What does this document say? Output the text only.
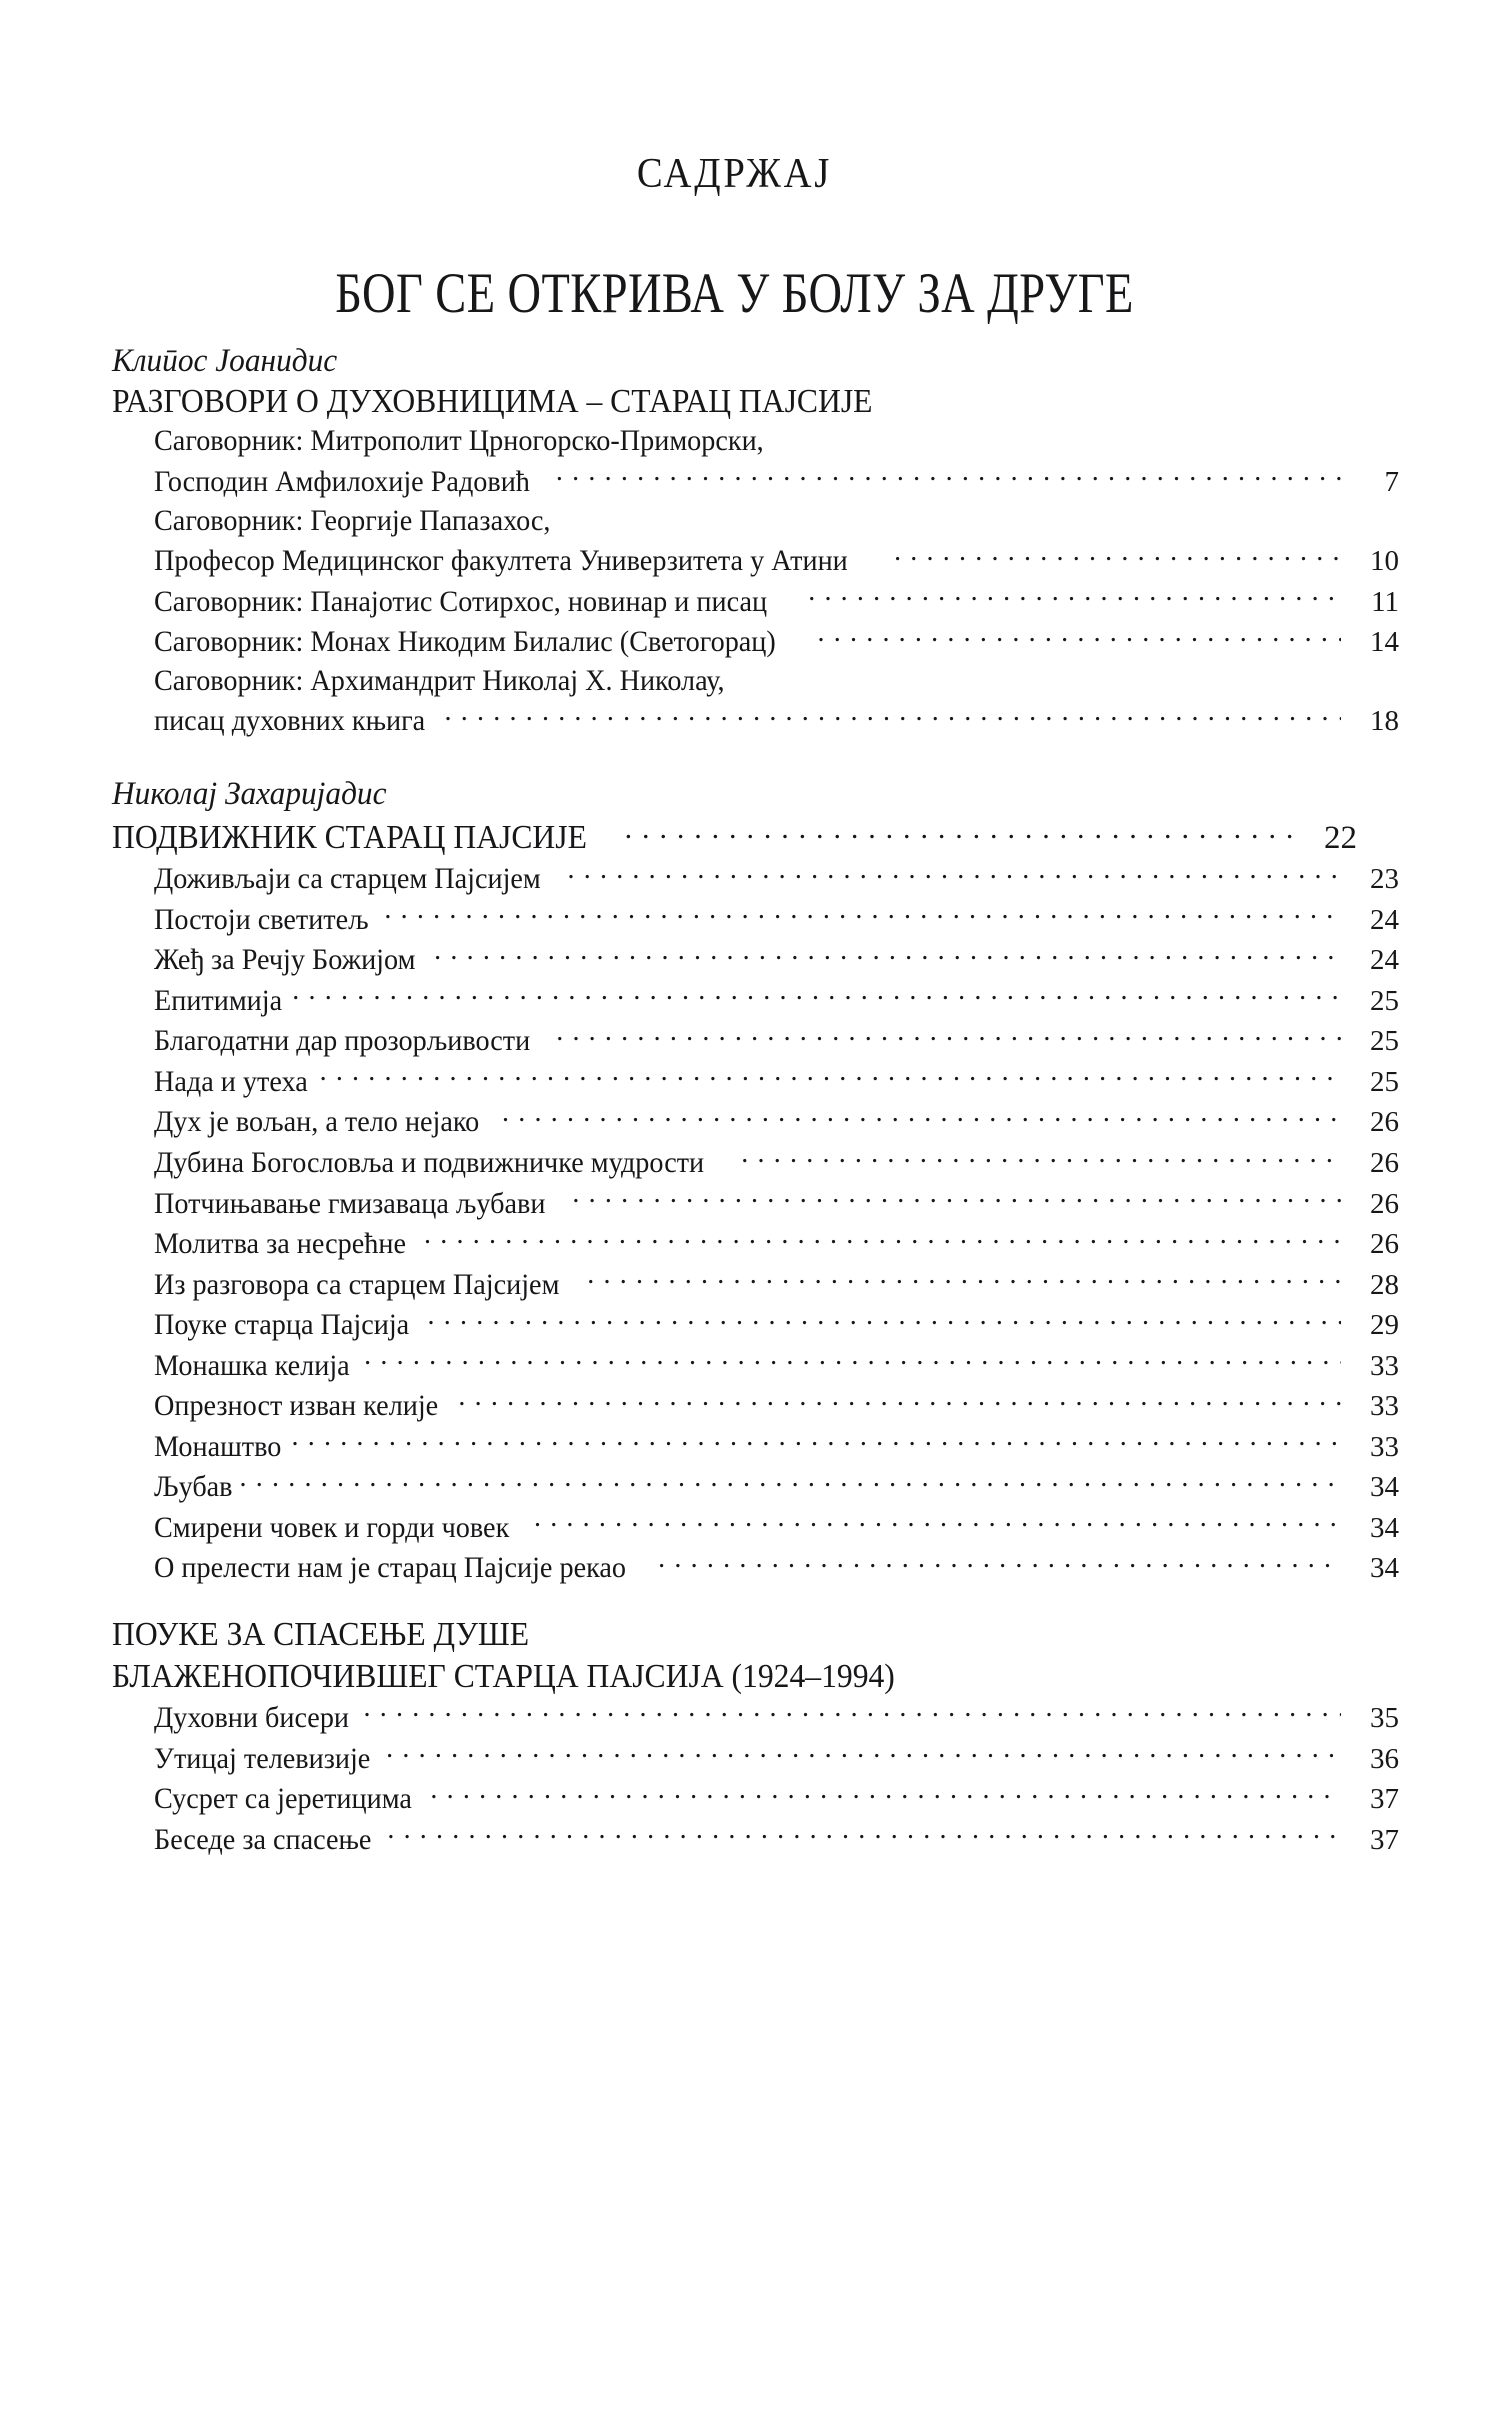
САДРЖАЈ
БОГ СЕ ОТКРИВА У БОЛУ ЗА ДРУГЕ
Клиūос Јоанидис
РАЗГОВОРИ О ДУХОВНИЦИМА – СТАРАЦ ПАЈСИЈЕ
Саговорник: Митрополит Црногорско-Приморски,
Господин Амфилохије Радовић . . .	7
Саговорник: Георгије Папазахос,
Професор Медицинског факултета Универзитета у Атини . . .	10
Саговорник: Панајотис Сотирхос, новинар и писац . . .	11
Саговорник: Монах Никодим Билалис (Светогорац) . . .	14
Саговорник: Архимандрит Николај Х. Николау,
писац духовних књига . . .	18
Николај Захаријадис
ПОДВИЖНИК СТАРАЦ ПАЈСИЈЕ . . .	22
Доживљаји са старцем Пајсијем . . .	23
Постоји светитељ . . .	24
Жеђ за Речју Божијом . . .	24
Епитимија . . .	25
Благодатни дар прозорљивости . . .	25
Нада и утеха . . .	25
Дух је вољан, а тело нејако . . .	26
Дубина Богословља и подвижничке мудрости . . .	26
Потчињавање гмизаваца љубави . . .	26
Молитва за несрећне . . .	26
Из разговора са старцем Пајсијем . . .	28
Поуке старца Пајсија . . .	29
Монашка келија . . .	33
Опрезност изван келије . . .	33
Монаштво . . .	33
Љубав . . .	34
Смирени човек и горди човек . . .	34
О прелести нам је старац Пајсије рекао . . .	34
ПОУКЕ ЗА СПАСЕЊЕ ДУШЕ
БЛАЖЕНОПОЧИВШЕГ СТАРЦА ПАЈСИЈА (1924–1994)
Духовни бисери . . .	35
Утицај телевизије . . .	36
Сусрет са јеретицима . . .	37
Беседе за спасење . . .	37
